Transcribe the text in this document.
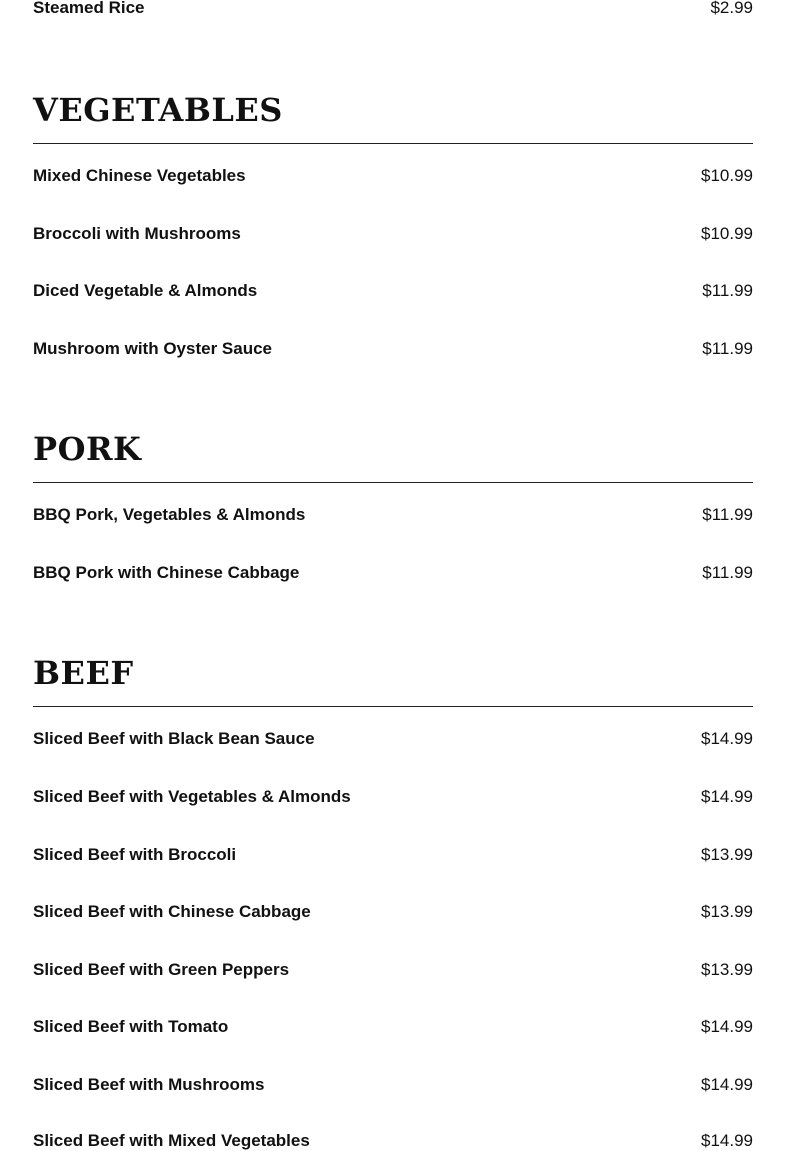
Steamed Rice	$2.99
VEGETABLES
Mixed Chinese Vegetables	$10.99
Broccoli with Mushrooms	$10.99
Diced Vegetable & Almonds	$11.99
Mushroom with Oyster Sauce	$11.99
PORK
BBQ Pork, Vegetables & Almonds	$11.99
BBQ Pork with Chinese Cabbage	$11.99
BEEF
Sliced Beef with Black Bean Sauce	$14.99
Sliced Beef with Vegetables & Almonds	$14.99
Sliced Beef with Broccoli	$13.99
Sliced Beef with Chinese Cabbage	$13.99
Sliced Beef with Green Peppers	$13.99
Sliced Beef with Tomato	$14.99
Sliced Beef with Mushrooms	$14.99
Sliced Beef with Mixed Vegetables	$14.99
